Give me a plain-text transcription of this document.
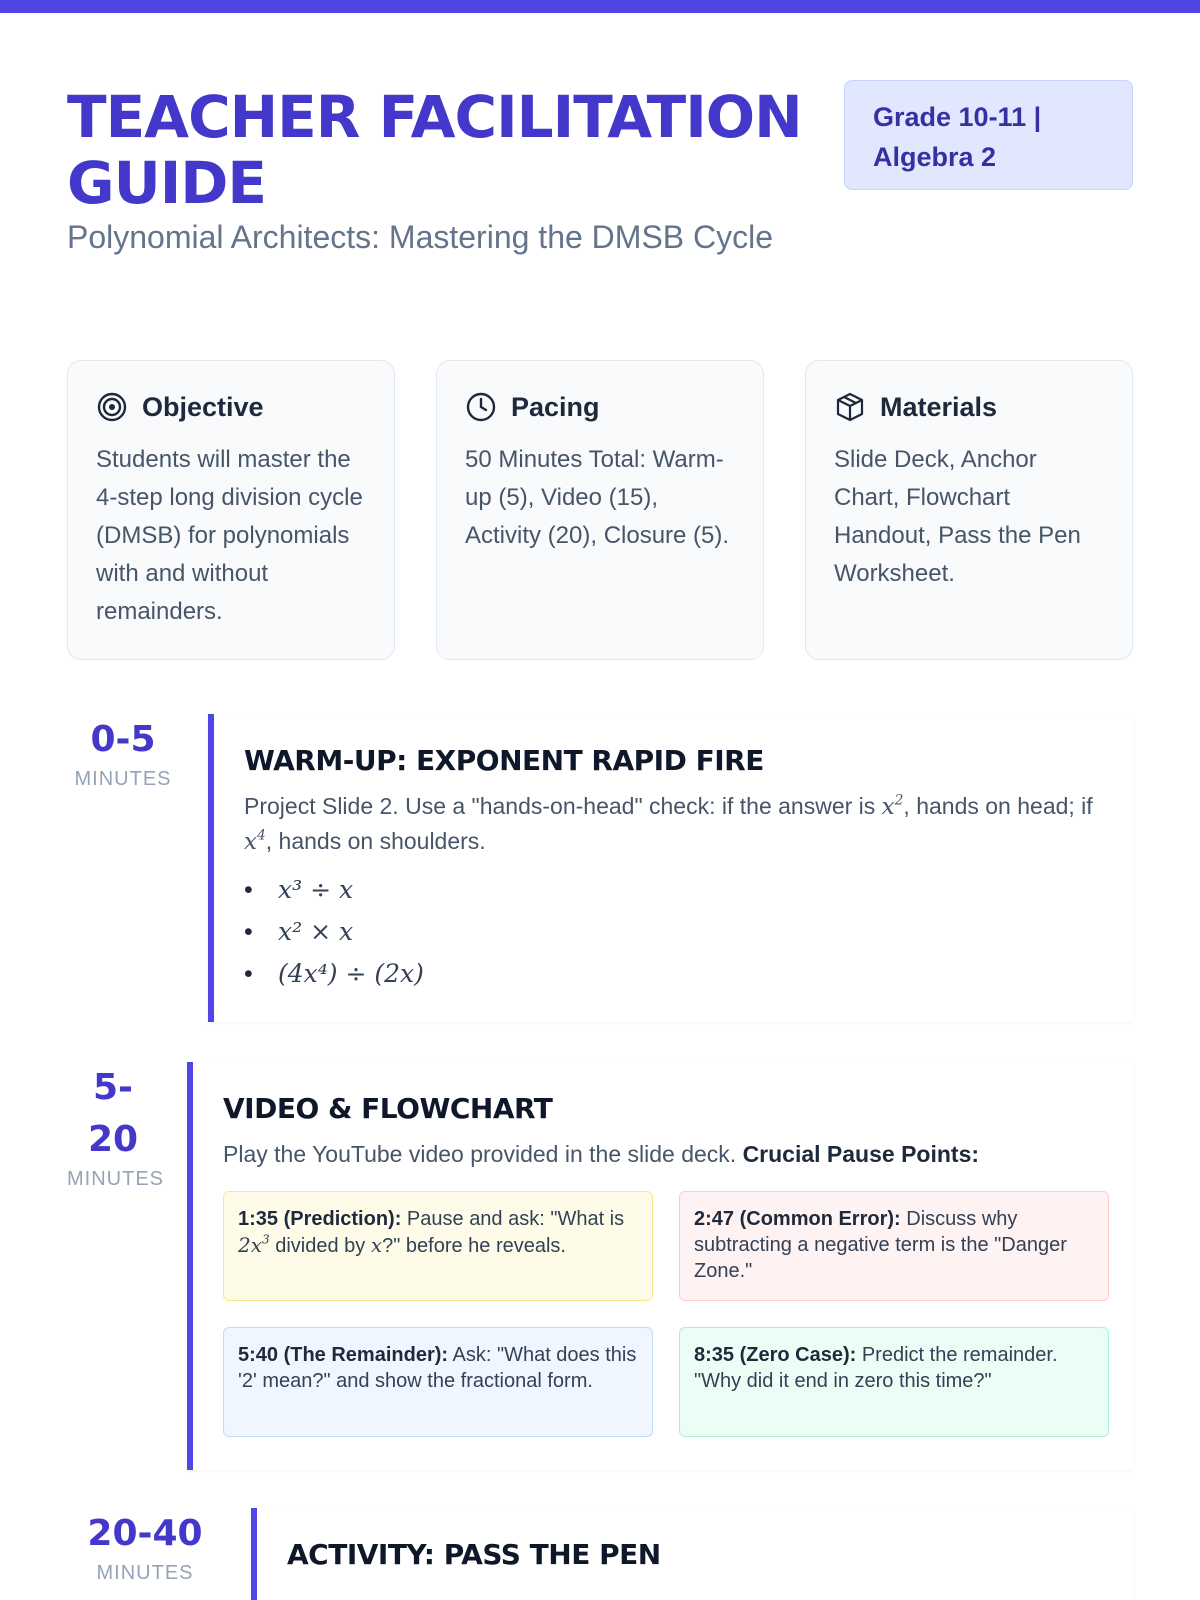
TEACHER FACILITATION GUIDE
Grade 10-11 | Algebra 2
Polynomial Architects: Mastering the DMSB Cycle
Objective
Students will master the 4-step long division cycle (DMSB) for polynomials with and without remainders.
Pacing
50 Minutes Total: Warm-up (5), Video (15), Activity (20), Closure (5).
Materials
Slide Deck, Anchor Chart, Flowchart Handout, Pass the Pen Worksheet.
0-5
MINUTES
WARM-UP: EXPONENT RAPID FIRE

Project Slide 2. Use a "hands-on-head" check: if the answer is $x^2$, hands on head; if $x^4$, hands on shoulders.

• x³ ÷ x
• x² × x
• (4x⁴) ÷ (2x)
5-
20
MINUTES
VIDEO & FLOWCHART

Play the YouTube video provided in the slide deck. Crucial Pause Points:

1:35 (Prediction): Pause and ask: "What is $2x^3$ divided by x?" before he reveals.
2:47 (Common Error): Discuss why subtracting a negative term is the "Danger Zone."
5:40 (The Remainder): Ask: "What does this '2' mean?" and show the fractional form.
8:35 (Zero Case): Predict the remainder. "Why did it end in zero this time?"
20-40
MINUTES
ACTIVITY: PASS THE PEN
